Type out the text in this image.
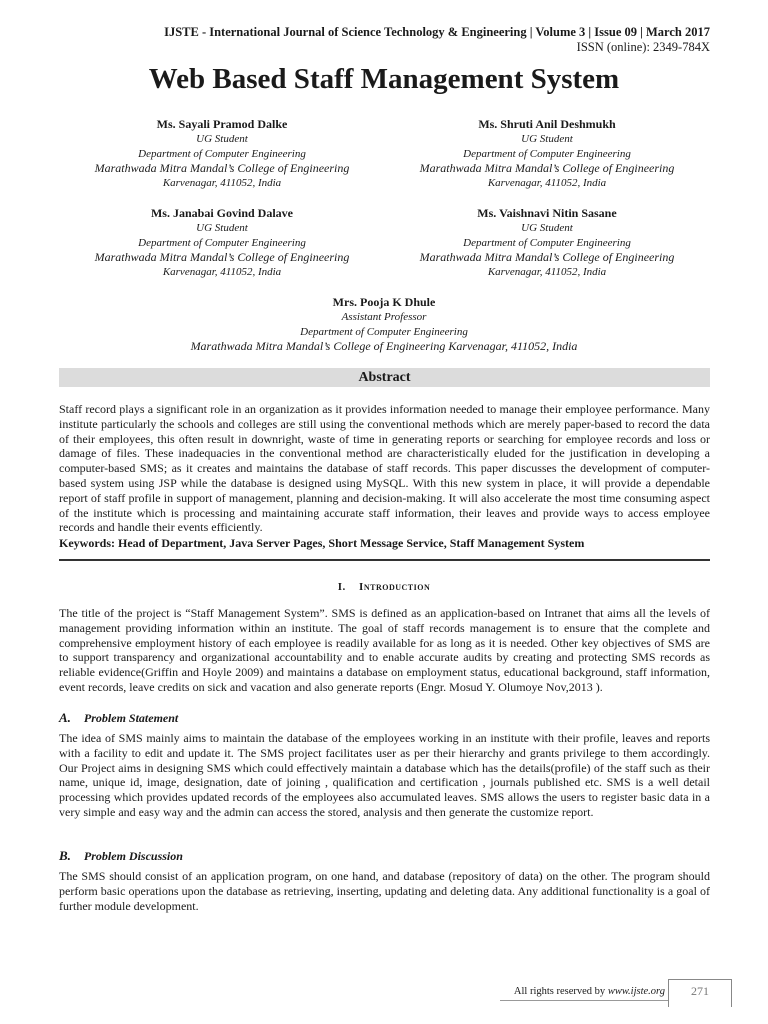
IJSTE - International Journal of Science Technology & Engineering | Volume 3 | Issue 09 | March 2017
ISSN (online): 2349-784X
Web Based Staff Management System
Ms. Sayali Pramod Dalke
UG Student
Department of Computer Engineering
Marathwada Mitra Mandal’s College of Engineering
Karvenagar, 411052, India
Ms. Shruti Anil Deshmukh
UG Student
Department of Computer Engineering
Marathwada Mitra Mandal’s College of Engineering
Karvenagar, 411052, India
Ms. Janabai Govind Dalave
UG Student
Department of Computer Engineering
Marathwada Mitra Mandal’s College of Engineering
Karvenagar, 411052, India
Ms. Vaishnavi Nitin Sasane
UG Student
Department of Computer Engineering
Marathwada Mitra Mandal’s College of Engineering
Karvenagar, 411052, India
Mrs. Pooja K Dhule
Assistant Professor
Department of Computer Engineering
Marathwada Mitra Mandal’s College of Engineering Karvenagar, 411052, India
Abstract
Staff record plays a significant role in an organization as it provides information needed to manage their employee performance. Many institute particularly the schools and colleges are still using the conventional methods which are merely paper-based to record the data of their employees, this often result in downright, waste of time in generating reports or searching for employee records and loss or damage of files. These inadequacies in the conventional method are characteristically eluded for the justification in developing a computer-based SMS; as it creates and maintains the database of staff records. This paper discusses the development of computer-based system using JSP while the database is designed using MySQL. With this new system in place, it will provide a dependable report of staff profile in support of management, planning and decision-making. It will also accelerate the most time consuming aspect of the institute which is processing and maintaining accurate staff information, their leaves and provide ways to access employee records and handle their events efficiently.
Keywords: Head of Department, Java Server Pages, Short Message Service, Staff Management System
I. Introduction
The title of the project is “Staff Management System”. SMS is defined as an application-based on Intranet that aims all the levels of management providing information within an institute. The goal of staff records management is to ensure that the complete and comprehensive employment history of each employee is readily available for as long as it is needed. Other key objectives of SMS are to support transparency and organizational accountability and to enable accurate audits by creating and protecting SMS records as reliable evidence(Griffin and Hoyle 2009) and maintains a database on employment status, educational background, staff information, event records, leave credits on sick and vacation and also generate reports (Engr. Mosud Y. Olumoye Nov,2013 ).
A. Problem Statement
The idea of SMS mainly aims to maintain the database of the employees working in an institute with their profile, leaves and reports with a facility to edit and update it. The SMS project facilitates user as per their hierarchy and grants privilege to them accordingly. Our Project aims in designing SMS which could effectively maintain a database which has the details(profile) of the staff such as their name, unique id, image, designation, date of joining , qualification and certification , journals published etc. SMS is a well detail processing which provides updated records of the employees also accumulated leaves. SMS allows the users to register basic data in a very simple and easy way and the admin can access the stored, analysis and then generate the customize report.
B. Problem Discussion
The SMS should consist of an application program, on one hand, and database (repository of data) on the other. The program should perform basic operations upon the database as retrieving, inserting, updating and deleting data. Any additional functionality is a goal of further module development.
All rights reserved by www.ijste.org	271
